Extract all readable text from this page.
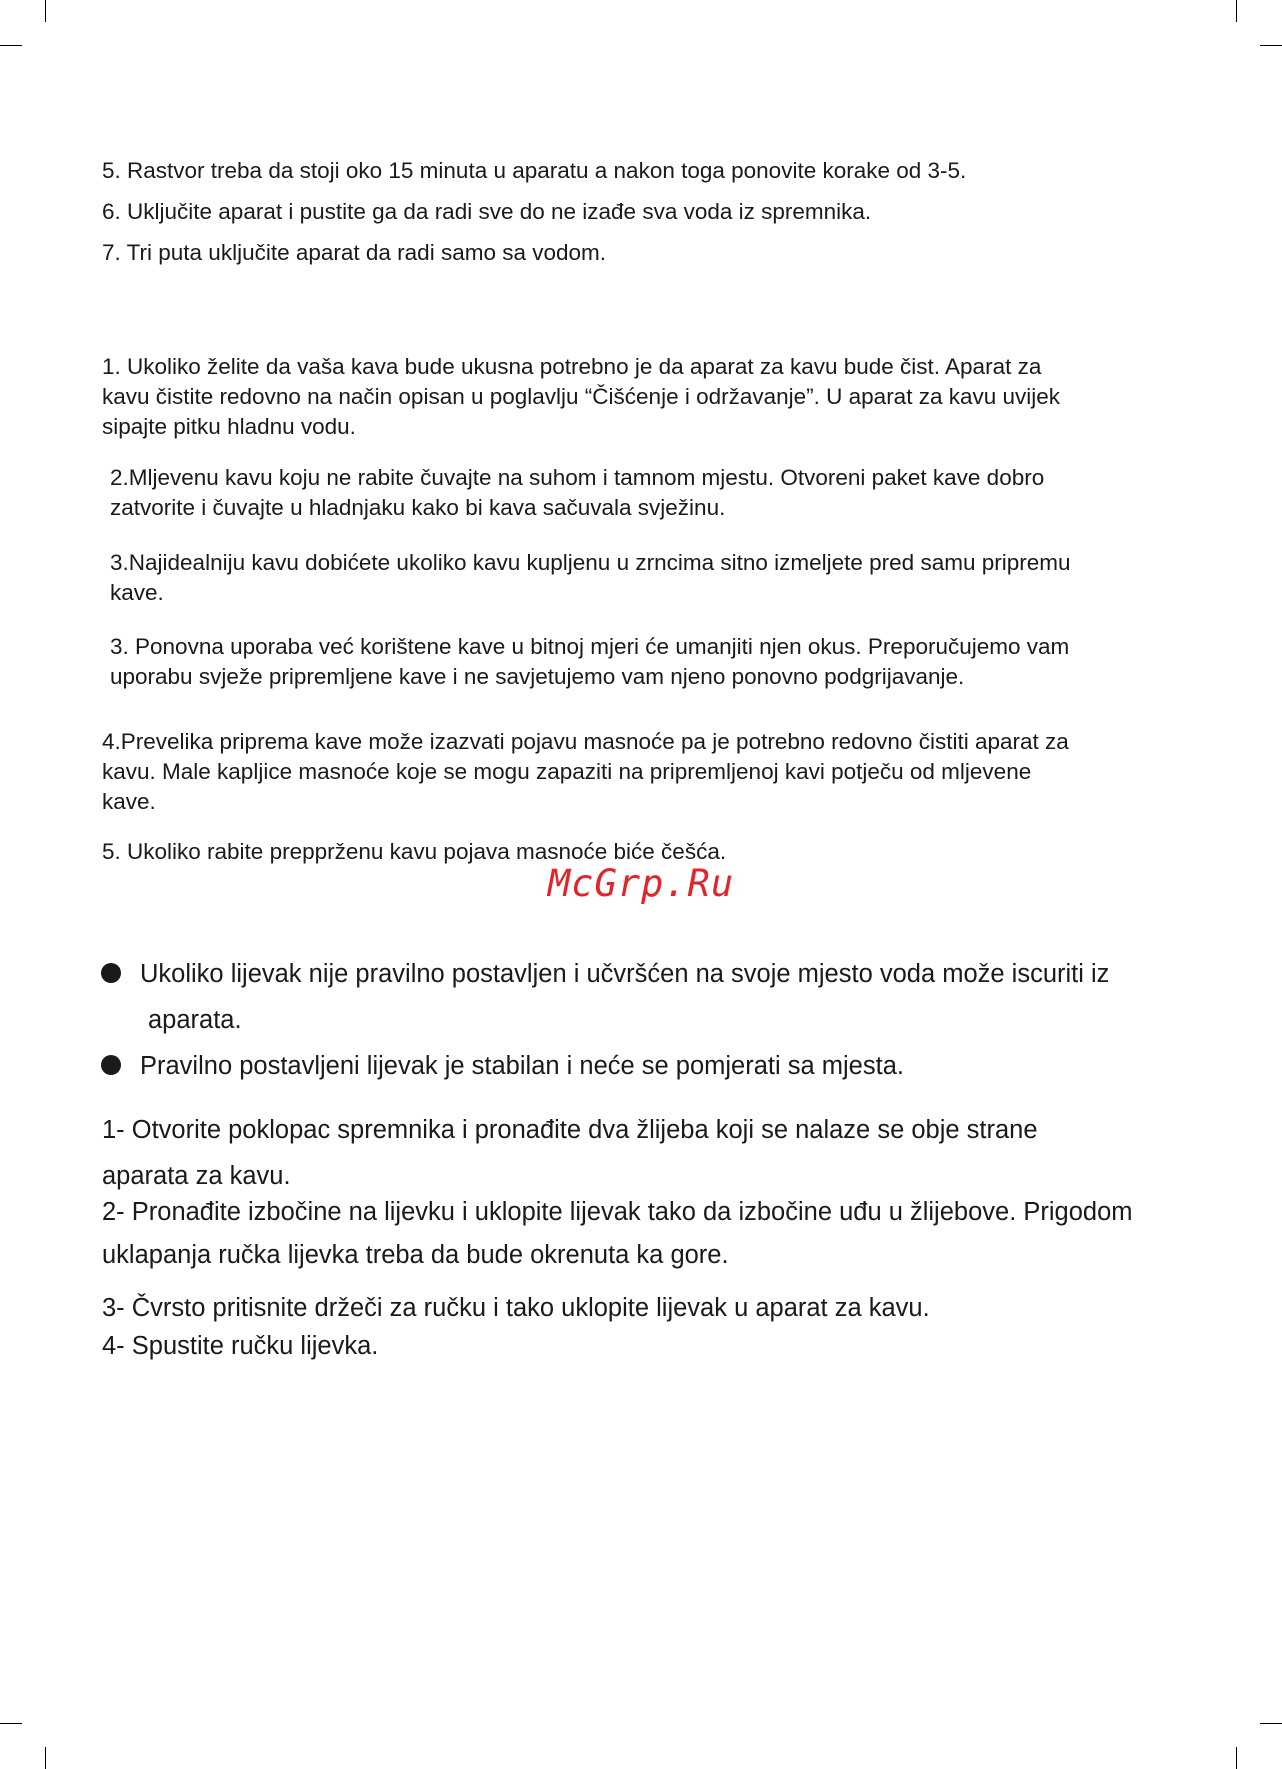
5. Rastvor treba da stoji oko 15 minuta u aparatu a nakon toga ponovite korake od 3-5.

6. Uključite aparat i pustite ga da radi sve do ne izađe sva voda iz spremnika.

7. Tri puta uključite aparat da radi samo sa vodom.

1. Ukoliko želite da vaša kava bude ukusna potrebno je da aparat za kavu bude čist. Aparat za
kavu čistite redovno na način opisan u poglavlju “Čišćenje i održavanje”. U aparat za kavu uvijek
sipajte pitku hladnu vodu.
2.Mljevenu kavu koju ne rabite čuvajte na suhom i tamnom mjestu. Otvoreni paket kave dobro
zatvorite i čuvajte u hladnjaku kako bi kava sačuvala svježinu.
3.Najidealniju kavu dobićete ukoliko kavu kupljenu u zrncima sitno izmeljete pred samu pripremu
kave.
3. Ponovna uporaba već korištene kave u bitnoj mjeri će umanjiti njen okus. Preporučujemo vam
uporabu svježe pripremljene kave i ne savjetujemo vam njeno ponovno podgrijavanje.
4.Prevelika priprema kave može izazvati pojavu masnoće pa je potrebno redovno čistiti aparat za
kavu. Male kapljice masnoće koje se mogu zapaziti na pripremljenoj kavi potječu od mljevene
kave.
5. Ukoliko rabite prepprženu kavu pojava masnoće biće češća.
McGrp.Ru
Ukoliko lijevak nije pravilno postavljen i učvršćen na svoje mjesto voda može iscuriti iz
aparata.
Pravilno postavljeni lijevak je stabilan i neće se pomjerati sa mjesta.

1- Otvorite poklopac spremnika i pronađite dva žlijeba koji se nalaze se obje strane

aparata za kavu.

2- Pronađite izbočine na lijevku i uklopite lijevak tako da izbočine uđu u žlijebove. Prigodom

uklapanja ručka lijevka treba da bude okrenuta ka gore.

3- Čvrsto pritisnite držeči za ručku i tako uklopite lijevak u aparat za kavu.

4- Spustite ručku lijevka.
